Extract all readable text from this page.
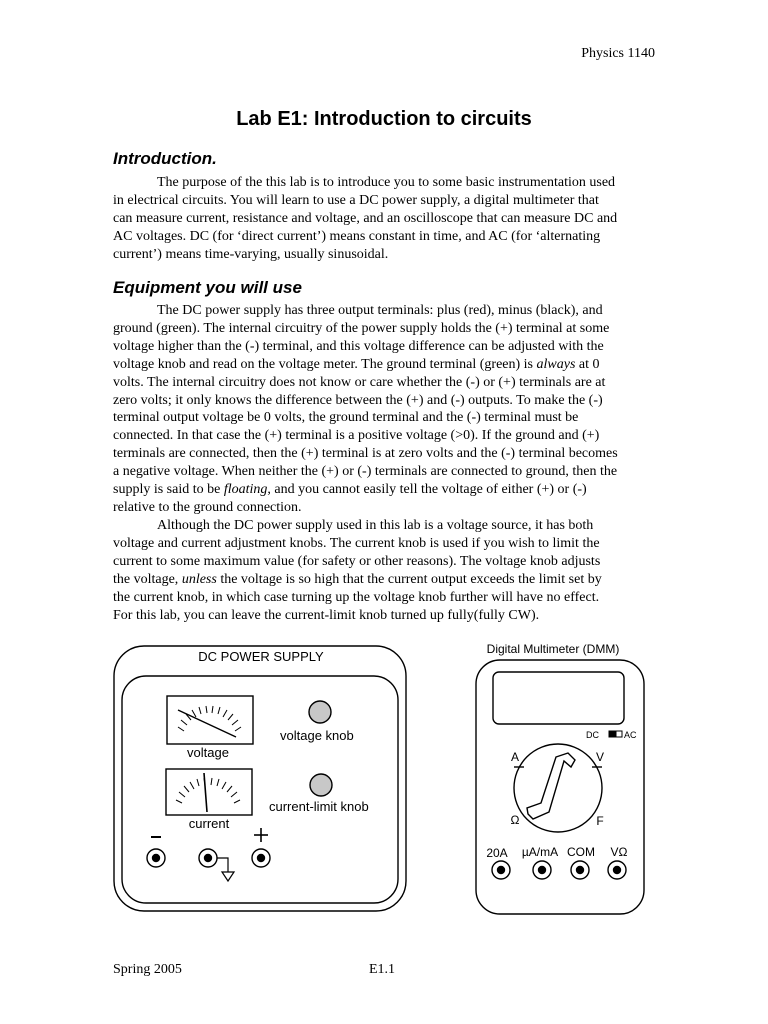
Physics 1140
Lab E1: Introduction to circuits
Introduction.
The purpose of the this lab is to introduce you to some basic instrumentation used
in electrical circuits. You will learn to use a DC power supply, a digital multimeter that
can measure current, resistance and voltage, and an oscilloscope that can measure DC and
AC voltages. DC (for ‘direct current’) means constant in time, and AC (for ‘alternating
current’) means time-varying, usually sinusoidal.
Equipment you will use
The DC power supply has three output terminals: plus (red), minus (black), and
ground (green). The internal circuitry of the power supply holds the (+) terminal at some
voltage higher than the (-) terminal, and this voltage difference can be adjusted with the
voltage knob and read on the voltage meter. The ground terminal (green) is always at 0
volts. The internal circuitry does not know or care whether the (-) or (+) terminals are at
zero volts; it only knows the difference between the (+) and (-) outputs. To make the (-)
terminal output voltage be 0 volts, the ground terminal and the (-) terminal must be
connected. In that case the (+) terminal is a positive voltage (>0). If the ground and (+)
terminals are connected, then the (+) terminal is at zero volts and the (-) terminal becomes
a negative voltage. When neither the (+) or (-) terminals are connected to ground, then the
supply is said to be floating, and you cannot easily tell the voltage of either (+) or (-)
relative to the ground connection.
Although the DC power supply used in this lab is a voltage source, it has both
voltage and current adjustment knobs. The current knob is used if you wish to limit the
current to some maximum value (for safety or other reasons). The voltage knob adjusts
the voltage, unless the voltage is so high that the current output exceeds the limit set by
the current knob, in which case turning up the voltage knob further will have no effect.
For this lab, you can leave the current-limit knob turned up fully(fully CW).
DC POWER SUPPLY
voltage
current
voltage knob
current-limit knob
Digital Multimeter (DMM)
DC	AC
A	V
Ω	F
20A µA/mA COM VΩ
Spring 2005	E1.1
